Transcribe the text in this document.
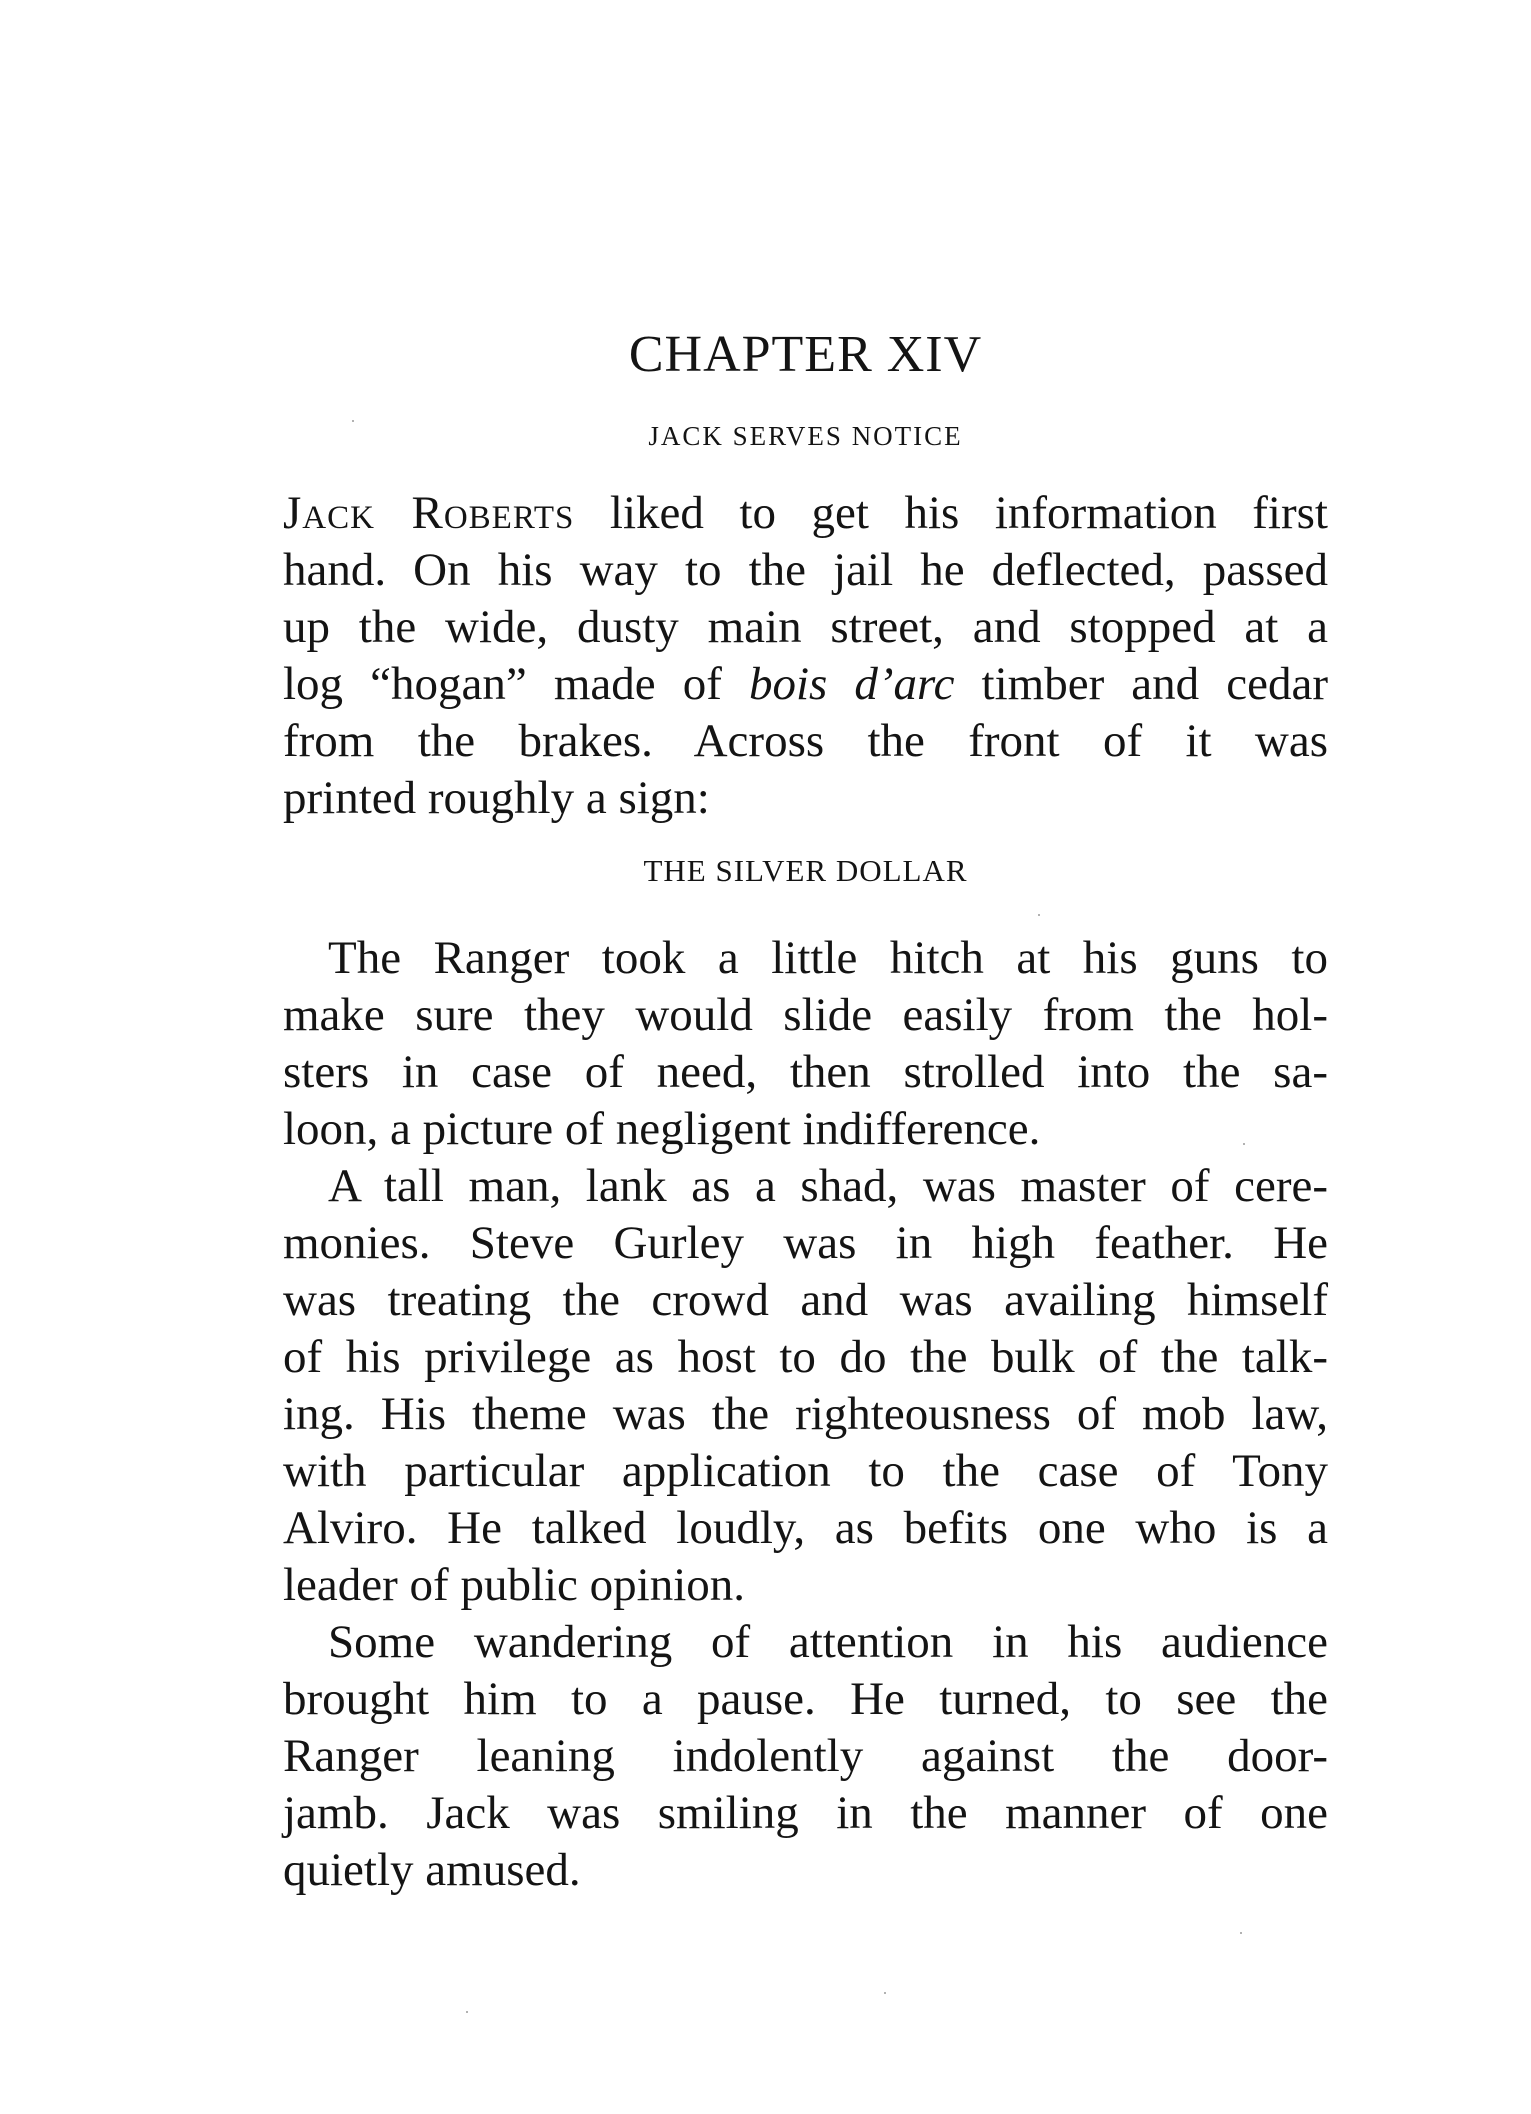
CHAPTER XIV
JACK SERVES NOTICE
Jack Roberts liked to get his information first
hand. On his way to the jail he deflected, passed
up the wide, dusty main street, and stopped at a
log “hogan” made of bois d’arc timber and cedar
from the brakes. Across the front of it was
printed roughly a sign:
THE SILVER DOLLAR
The Ranger took a little hitch at his guns to
make sure they would slide easily from the hol-
sters in case of need, then strolled into the sa-
loon, a picture of negligent indifference.
A tall man, lank as a shad, was master of cere-
monies. Steve Gurley was in high feather. He
was treating the crowd and was availing himself
of his privilege as host to do the bulk of the talk-
ing. His theme was the righteousness of mob law,
with particular application to the case of Tony
Alviro. He talked loudly, as befits one who is a
leader of public opinion.
Some wandering of attention in his audience
brought him to a pause. He turned, to see the
Ranger leaning indolently against the door-
jamb. Jack was smiling in the manner of one
quietly amused.
